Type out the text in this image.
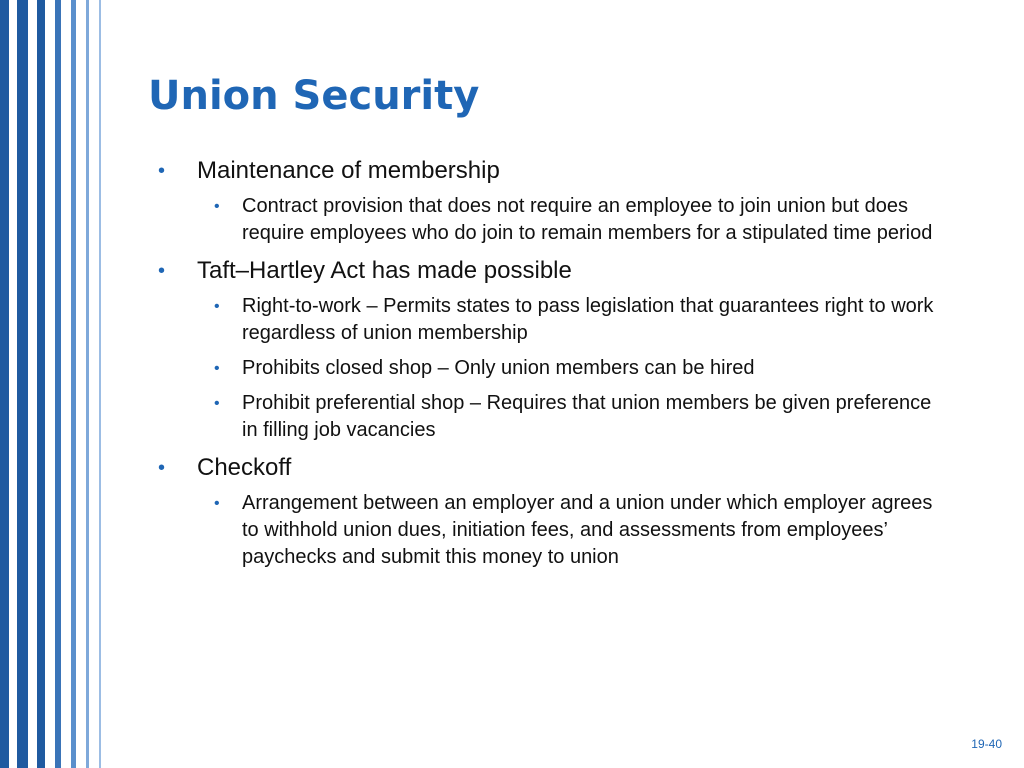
Union Security
• Maintenance of membership
• Contract provision that does not require an employee to join union but does require employees who do join to remain members for a stipulated time period
• Taft–Hartley Act has made possible
• Right-to-work – Permits states to pass legislation that guarantees right to work regardless of union membership
• Prohibits closed shop – Only union members can be hired
• Prohibit preferential shop – Requires that union members be given preference in filling job vacancies
• Checkoff
• Arrangement between an employer and a union under which employer agrees to withhold union dues, initiation fees, and assessments from employees’ paychecks and submit this money to union
19-40
